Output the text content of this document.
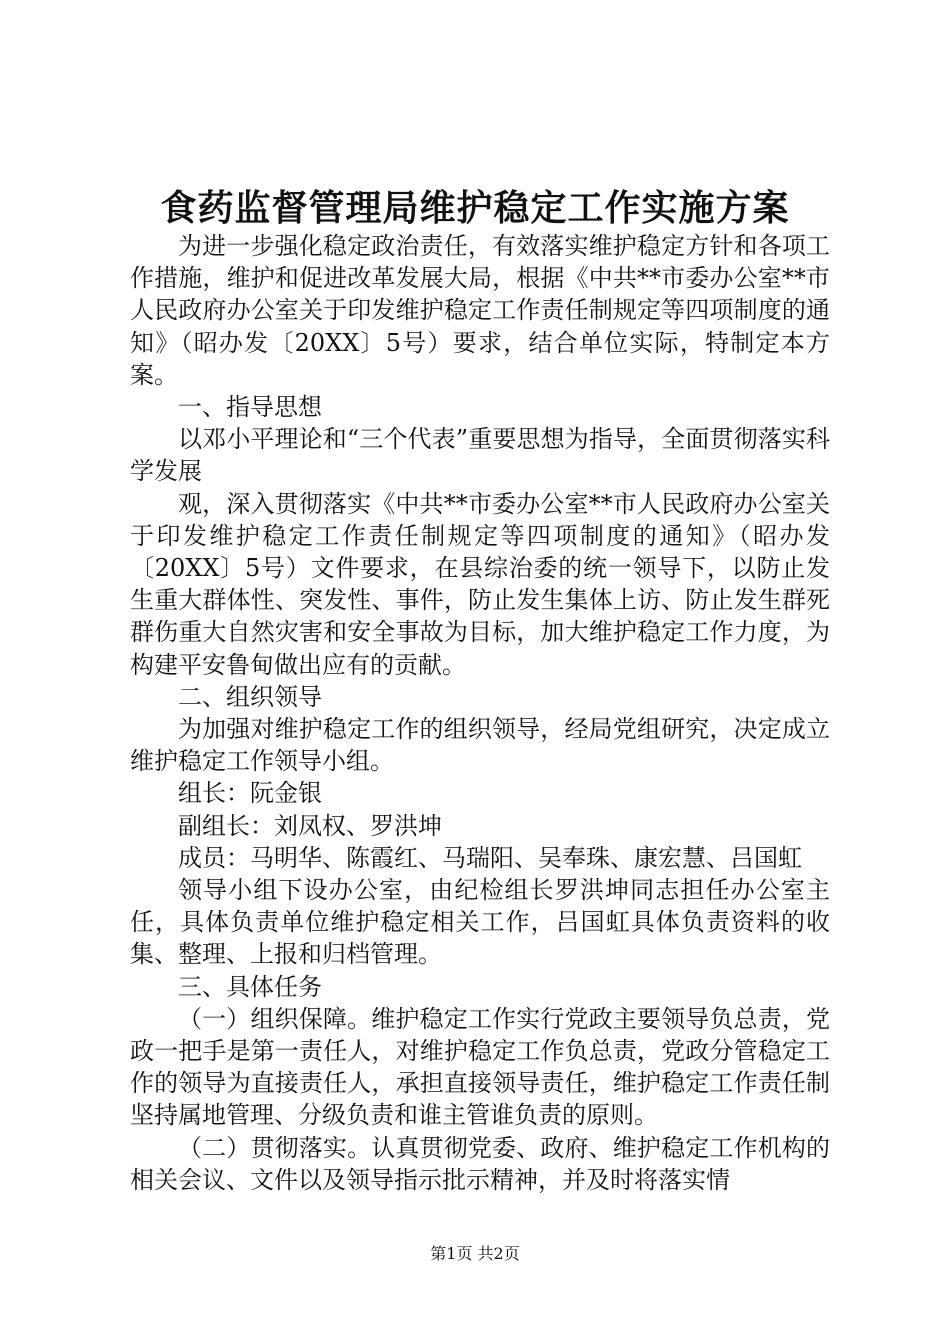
食药监督管理局维护稳定工作实施方案

为进一步强化稳定政治责任，有效落实维护稳定方针和各项工作措施，维护和促进改革发展大局，根据《中共**市委办公室**市人民政府办公室关于印发维护稳定工作责任制规定等四项制度的通知》（昭办发〔20XX〕5号）要求，结合单位实际，特制定本方案。

一、指导思想

以邓小平理论和“三个代表”重要思想为指导，全面贯彻落实科学发展

观，深入贯彻落实《中共**市委办公室**市人民政府办公室关于印发维护稳定工作责任制规定等四项制度的通知》（昭办发〔20XX〕5号）文件要求，在县综治委的统一领导下，以防止发生重大群体性、突发性、事件，防止发生集体上访、防止发生群死群伤重大自然灾害和安全事故为目标，加大维护稳定工作力度，为构建平安鲁甸做出应有的贡献。

二、组织领导

为加强对维护稳定工作的组织领导，经局党组研究，决定成立维护稳定工作领导小组。

组长：阮金银

副组长：刘凤权、罗洪坤

成员：马明华、陈霞红、马瑞阳、吴奉珠、康宏慧、吕国虹

领导小组下设办公室，由纪检组长罗洪坤同志担任办公室主任，具体负责单位维护稳定相关工作，吕国虹具体负责资料的收集、整理、上报和归档管理。

三、具体任务

（一）组织保障。维护稳定工作实行党政主要领导负总责，党政一把手是第一责任人，对维护稳定工作负总责，党政分管稳定工作的领导为直接责任人，承担直接领导责任，维护稳定工作责任制坚持属地管理、分级负责和谁主管谁负责的原则。

（二）贯彻落实。认真贯彻党委、政府、维护稳定工作机构的相关会议、文件以及领导指示批示精神，并及时将落实情

第1页 共2页
